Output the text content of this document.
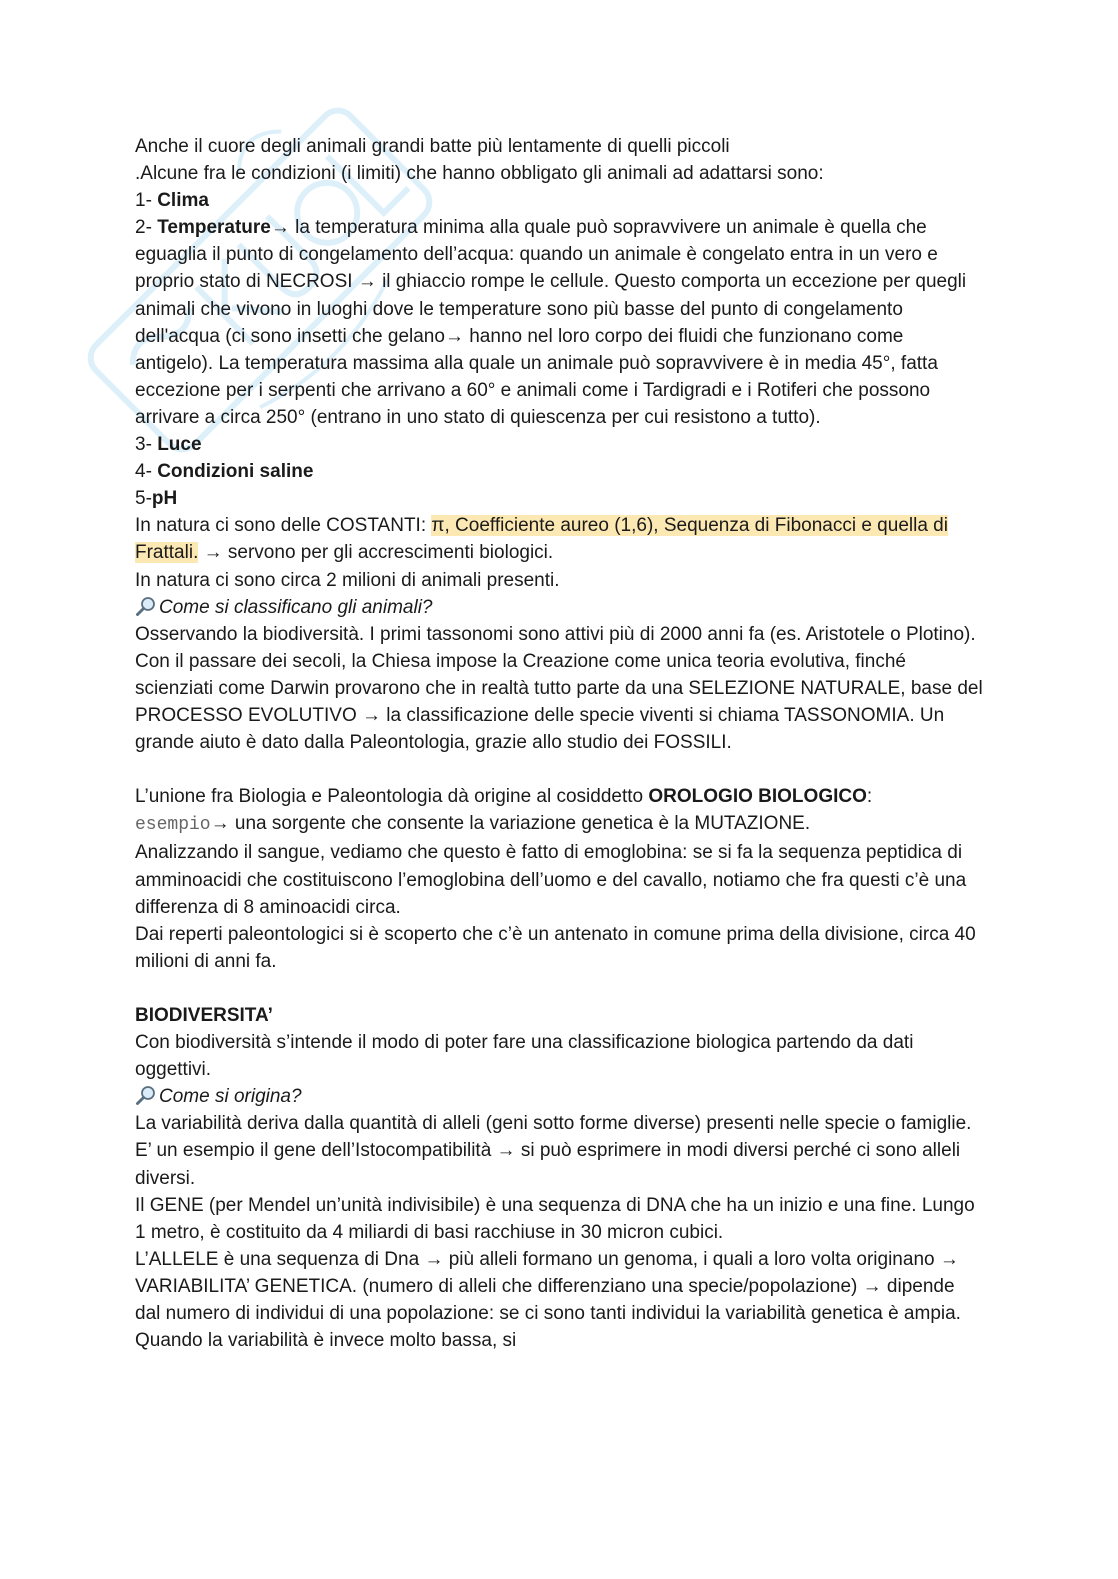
Anche il cuore degli animali grandi batte più lentamente di quelli piccoli

.Alcune fra le condizioni (i limiti) che hanno obbligato gli animali ad adattarsi sono:

1- Clima

2- Temperature→ la temperatura minima alla quale può sopravvivere un animale è quella che eguaglia il punto di congelamento dell’acqua: quando un animale è congelato entra in un vero e proprio stato di NECROSI → il ghiaccio rompe le cellule. Questo comporta un eccezione per quegli animali che vivono in luoghi dove le temperature sono più basse del punto di congelamento dell'acqua (ci sono insetti che gelano→ hanno nel loro corpo dei fluidi che funzionano come antigelo). La temperatura massima alla quale un animale può sopravvivere è in media 45°, fatta eccezione per i serpenti che arrivano a 60° e animali come i Tardigradi e i Rotiferi che possono arrivare a circa 250° (entrano in uno stato di quiescenza per cui resistono a tutto).

3- Luce

4- Condizioni saline

5-pH

In natura ci sono delle COSTANTI: π, Coefficiente aureo (1,6), Sequenza di Fibonacci e quella di Frattali. → servono per gli accrescimenti biologici.

In natura ci sono circa 2 milioni di animali presenti.

Come si classificano gli animali?

Osservando la biodiversità. I primi tassonomi sono attivi più di 2000 anni fa (es. Aristotele o Plotino). Con il passare dei secoli, la Chiesa impose la Creazione come unica teoria evolutiva, finché scienziati come Darwin provarono che in realtà tutto parte da una SELEZIONE NATURALE, base del PROCESSO EVOLUTIVO → la classificazione delle specie viventi si chiama TASSONOMIA. Un grande aiuto è dato dalla Paleontologia, grazie allo studio dei FOSSILI.

L’unione fra Biologia e Paleontologia dà origine al cosiddetto OROLOGIO BIOLOGICO:

esempio→ una sorgente che consente la variazione genetica è la MUTAZIONE.

Analizzando il sangue, vediamo che questo è fatto di emoglobina: se si fa la sequenza peptidica di amminoacidi che costituiscono l’emoglobina dell’uomo e del cavallo, notiamo che fra questi c’è una differenza di 8 aminoacidi circa.

Dai reperti paleontologici si è scoperto che c’è un antenato in comune prima della divisione, circa 40 milioni di anni fa.

BIODIVERSITA’

Con biodiversità s’intende il modo di poter fare una classificazione biologica partendo da dati oggettivi.

Come si origina?

La variabilità deriva dalla quantità di alleli (geni sotto forme diverse) presenti nelle specie o famiglie. E’ un esempio il gene dell’Istocompatibilità → si può esprimere in modi diversi perché ci sono alleli diversi.

Il GENE (per Mendel un’unità indivisibile) è una sequenza di DNA che ha un inizio e una fine. Lungo 1 metro, è costituito da 4 miliardi di basi racchiuse in 30 micron cubici.

L’ALLELE è una sequenza di Dna → più alleli formano un genoma, i quali a loro volta originano → VARIABILITA’ GENETICA. (numero di alleli che differenziano una specie/popolazione) → dipende dal numero di individui di una popolazione: se ci sono tanti individui la variabilità genetica è ampia. Quando la variabilità è invece molto bassa, si
